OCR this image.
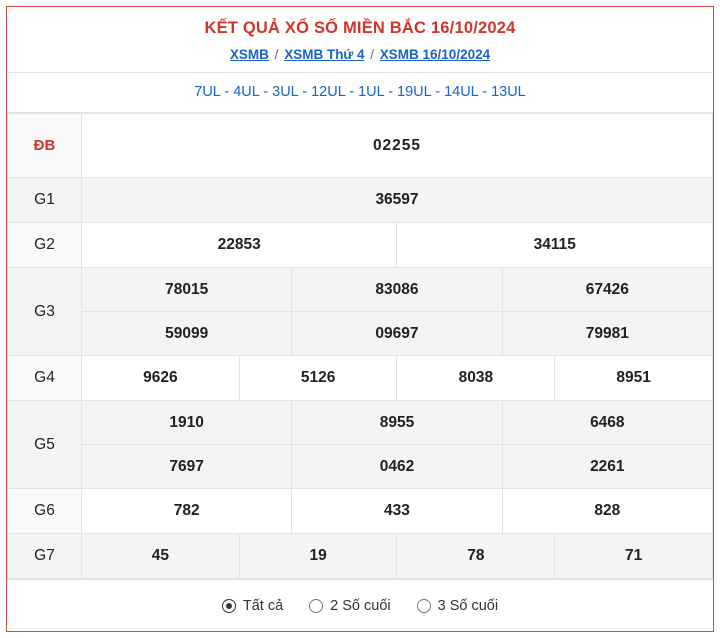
KẾT QUẢ XỔ SỐ MIỀN BẮC 16/10/2024
XSMB / XSMB Thứ 4 / XSMB 16/10/2024
7UL - 4UL - 3UL - 12UL - 1UL - 19UL - 14UL - 13UL
ĐB	02255					
G1	36597					
G2	22853			34115		
G3	78015		83086		67426	
	59099		09697		79981	
G4	9626	5126		8038		8951
G5	1910		8955		6468	
	7697		0462		2261	
G6	782		433		828	
G7	45	19		78		71
Tất cả	2 Số cuối	3 Số cuối
